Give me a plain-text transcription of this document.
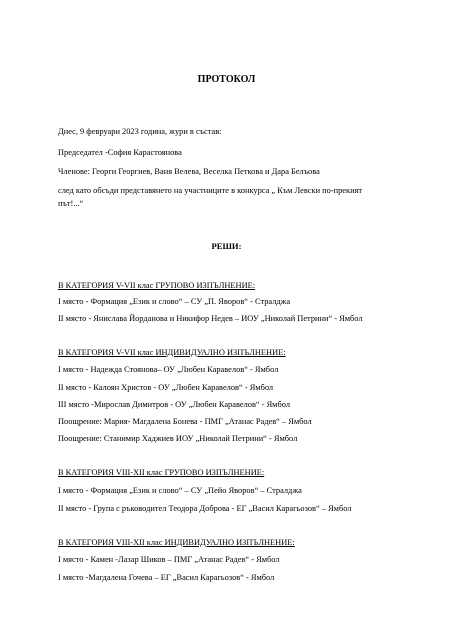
ПРОТОКОЛ
Днес, 9 февруари 2023 година, жури в състав:
Председател -София Карастоянова
Членове: Георги Георгиев, Ваня Велева, Веселка Петкова и Дара Белъова
след като обсъди представянето на участниците в конкурса „ Към Левски по-прекият
път!...“
РЕШИ:
В КАТЕГОРИЯ V-VII клас ГРУПОВО ИЗПЪЛНЕНИЕ:
I място - Формация „Език и слово“ – СУ „П. Яворов“ - Стралджа
II място - Янислава Йорданова и Никифор Недев – ИОУ „Николай Петрини“ - Ямбол
В КАТЕГОРИЯ V-VII клас ИНДИВИДУАЛНО ИЗПЪЛНЕНИЕ:
I място - Надежда Стоянова– ОУ „Любен Каравелов“ - Ямбол
II място - Калоян Христов - ОУ „Любен Каравелов“ - Ямбол
III място -Мирослав Димитров - ОУ „Любен Каравелов“ - Ямбол
Поощрение: Мария- Магдалена Бонева - ПМГ „Атанас Радев“ – Ямбол
Поощрение: Станимир Хаджиев ИОУ „Николай Петрини“ - Ямбол
В КАТЕГОРИЯ VIII-XII клас ГРУПОВО ИЗПЪЛНЕНИЕ:
I място - Формация „Език и слово“ – СУ „Пейо Яворов“ – Стралджа
II място - Група с ръководител Теодора Доброва - ЕГ „Васил Карагьозов“ – Ямбол
В КАТЕГОРИЯ VIII-XII клас ИНДИВИДУАЛНО ИЗПЪЛНЕНИЕ:
I място - Камен -Лазар Шиков – ПМГ „Атанас Радев“ - Ямбол
I място -Магдалена Гочева – ЕГ „Васил Карагьозов“ - Ямбол
